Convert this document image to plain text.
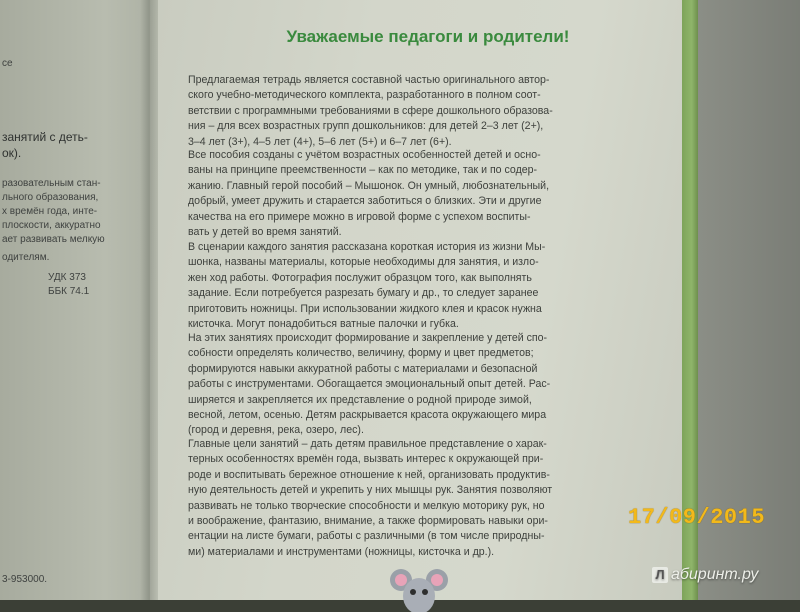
се
занятий с деть-
ок).
разовательным стан-
льного образования,
х времён года, инте-
плоскости, аккуратно
ает развивать мелкую
одителям.
УДК 373
ББК 74.1
3-953000.
Уважаемые педагоги и родители!
Предлагаемая тетрадь является составной частью оригинального автор-
ского учебно-методического комплекта, разработанного в полном соот-
ветствии с программными требованиями в сфере дошкольного образова-
ния – для всех возрастных групп дошкольников: для детей 2–3 лет (2+),
3–4 лет (3+), 4–5 лет (4+), 5–6 лет (5+) и 6–7 лет (6+).
Все пособия созданы с учётом возрастных особенностей детей и осно-
ваны на принципе преемственности – как по методике, так и по содер-
жанию. Главный герой пособий – Мышонок. Он умный, любознательный,
добрый, умеет дружить и старается заботиться о близких. Эти и другие
качества на его примере можно в игровой форме с успехом воспиты-
вать у детей во время занятий.
В сценарии каждого занятия рассказана короткая история из жизни Мы-
шонка, названы материалы, которые необходимы для занятия, и изло-
жен ход работы. Фотография послужит образцом того, как выполнять
задание. Если потребуется разрезать бумагу и др., то следует заранее
приготовить ножницы. При использовании жидкого клея и красок нужна
кисточка. Могут понадобиться ватные палочки и губка.
На этих занятиях происходит формирование и закрепление у детей спо-
собности определять количество, величину, форму и цвет предметов;
формируются навыки аккуратной работы с материалами и безопасной
работы с инструментами. Обогащается эмоциональный опыт детей. Рас-
ширяется и закрепляется их представление о родной природе зимой,
весной, летом, осенью. Детям раскрывается красота окружающего мира
(город и деревня, река, озеро, лес).
Главные цели занятий – дать детям правильное представление о харак-
терных особенностях времён года, вызвать интерес к окружающей при-
роде и воспитывать бережное отношение к ней, организовать продуктив-
ную деятельность детей и укрепить у них мышцы рук. Занятия позволяют
развивать не только творческие способности и мелкую моторику рук, но
и воображение, фантазию, внимание, а также формировать навыки ори-
ентации на листе бумаги, работы с различными (в том числе природны-
ми) материалами и инструментами (ножницы, кисточка и др.).
17/09/2015
Л абиринт.ру
